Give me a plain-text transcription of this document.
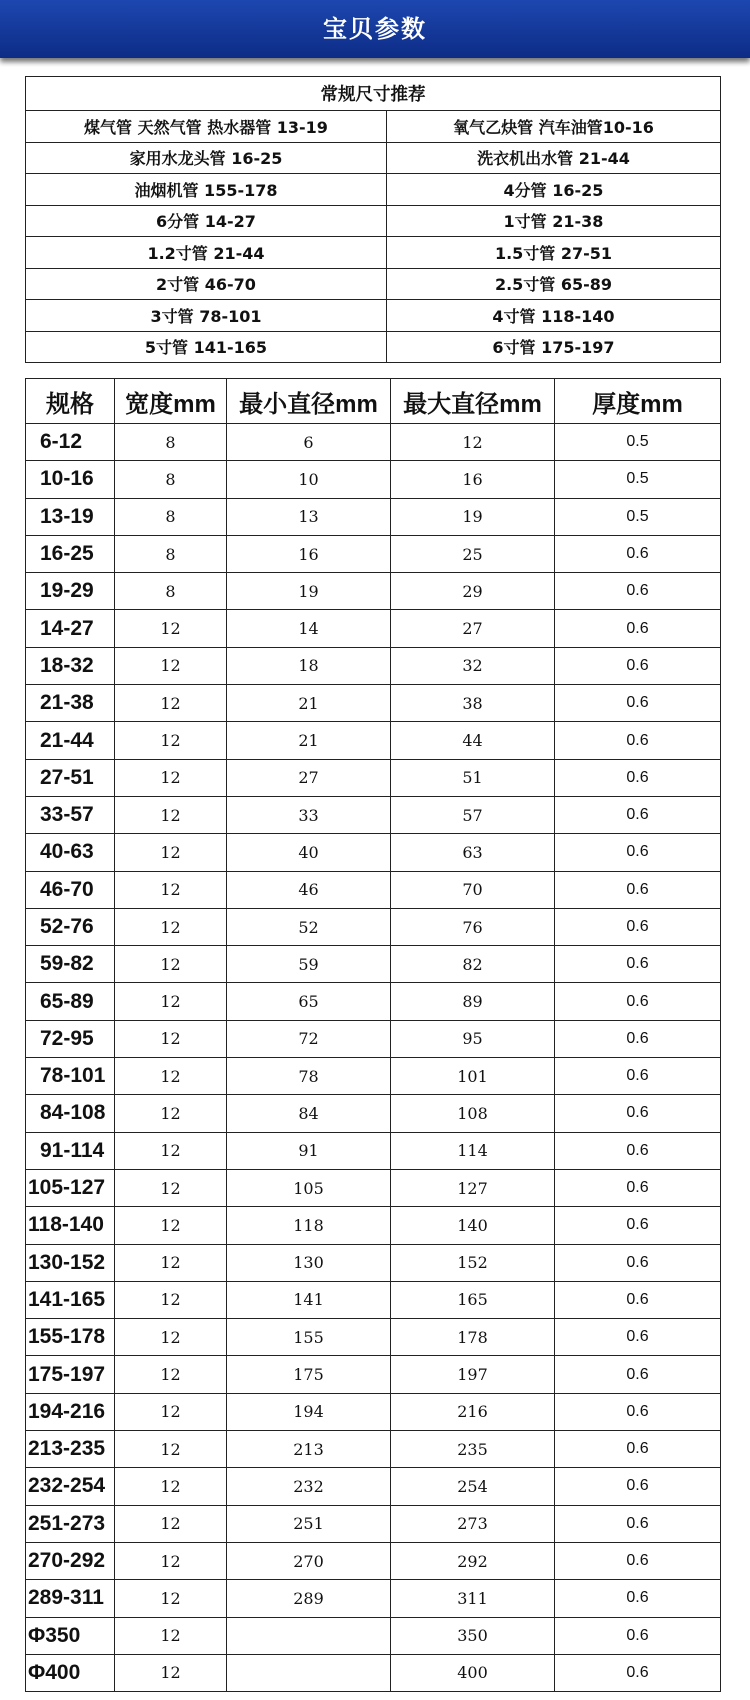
宝贝参数
常规尺寸推荐	
煤气管 天然气管 热水器管 13-19	氧气乙炔管 汽车油管10-16
家用水龙头管 16-25	洗衣机出水管 21-44
油烟机管 155-178	4分管 16-25
6分管 14-27	1寸管 21-38
1.2寸管 21-44	1.5寸管 27-51
2寸管 46-70	2.5寸管 65-89
3寸管 78-101	4寸管 118-140
5寸管 141-165	6寸管 175-197
规格	宽度mm	最小直径mm	最大直径mm	厚度mm
6-12	8	6	12	0.5
10-16	8	10	16	0.5
13-19	8	13	19	0.5
16-25	8	16	25	0.6
19-29	8	19	29	0.6
14-27	12	14	27	0.6
18-32	12	18	32	0.6
21-38	12	21	38	0.6
21-44	12	21	44	0.6
27-51	12	27	51	0.6
33-57	12	33	57	0.6
40-63	12	40	63	0.6
46-70	12	46	70	0.6
52-76	12	52	76	0.6
59-82	12	59	82	0.6
65-89	12	65	89	0.6
72-95	12	72	95	0.6
78-101	12	78	101	0.6
84-108	12	84	108	0.6
91-114	12	91	114	0.6
105-127	12	105	127	0.6
118-140	12	118	140	0.6
130-152	12	130	152	0.6
141-165	12	141	165	0.6
155-178	12	155	178	0.6
175-197	12	175	197	0.6
194-216	12	194	216	0.6
213-235	12	213	235	0.6
232-254	12	232	254	0.6
251-273	12	251	273	0.6
270-292	12	270	292	0.6
289-311	12	289	311	0.6
Φ350	12		350	0.6
Φ400	12		400	0.6
